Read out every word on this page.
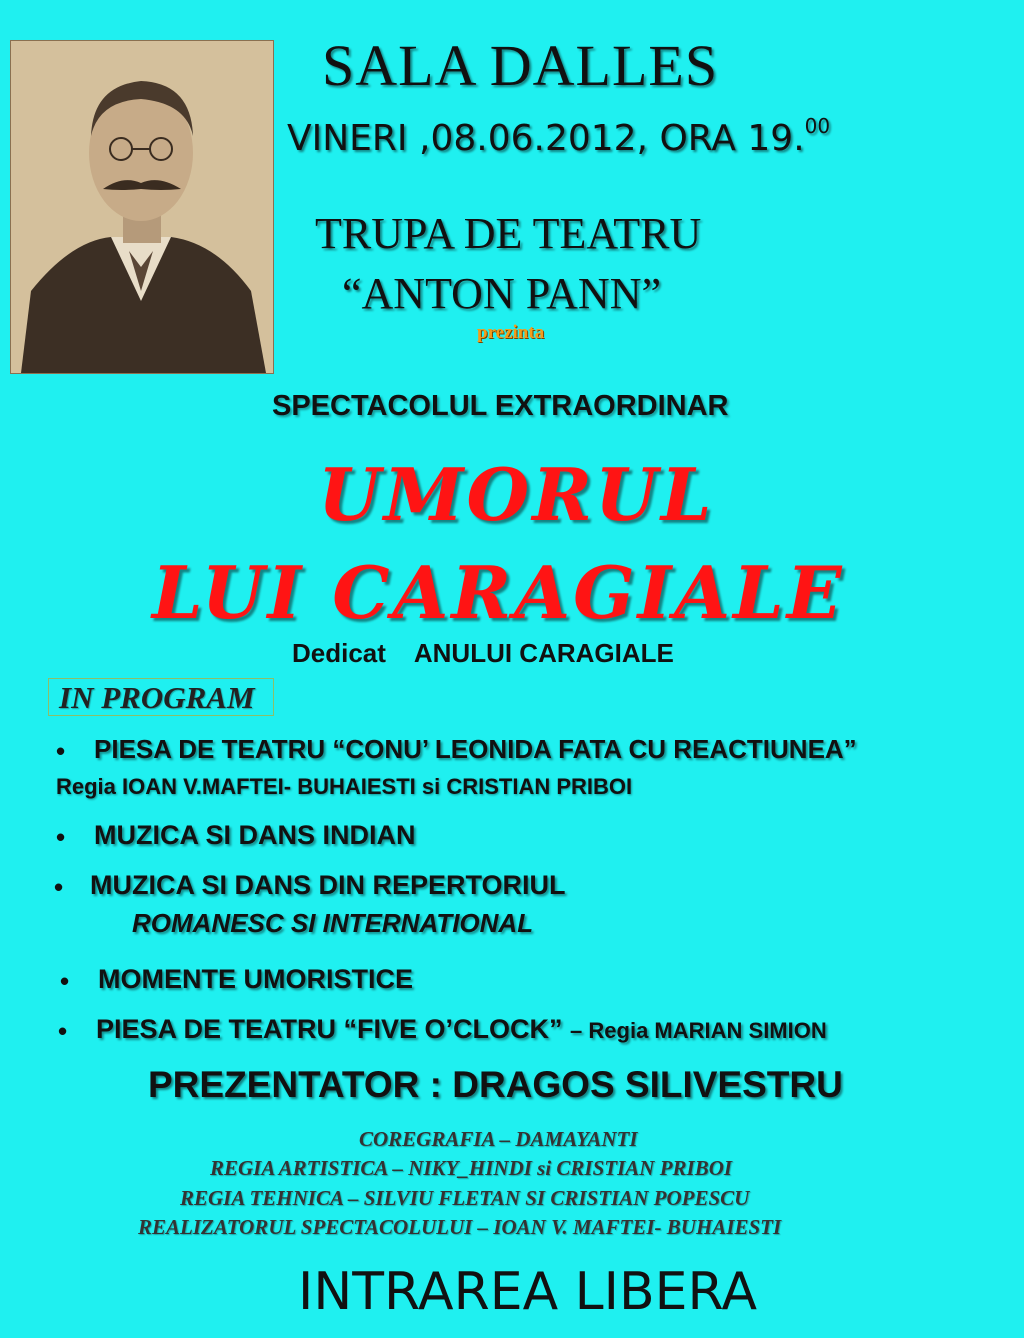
SALA DALLES
VINERI ,08.06.2012, ORA 19.00
TRUPA DE TEATRU
“ANTON PANN”
prezinta
SPECTACOLUL EXTRAORDINAR
UMORUL
LUI CARAGIALE
Dedicat ANULUI CARAGIALE
IN PROGRAM
• PIESA DE TEATRU “CONU’ LEONIDA FATA CU REACTIUNEA”
Regia IOAN V.MAFTEI- BUHAIESTI si CRISTIAN PRIBOI
• MUZICA SI DANS INDIAN
• MUZICA SI DANS DIN REPERTORIUL
ROMANESC SI INTERNATIONAL
• MOMENTE UMORISTICE
• PIESA DE TEATRU “FIVE O’CLOCK” – Regia MARIAN SIMION
PREZENTATOR : DRAGOS SILIVESTRU
COREGRAFIA – DAMAYANTI
REGIA ARTISTICA – NIKY_HINDI si CRISTIAN PRIBOI
REGIA TEHNICA – SILVIU FLETAN SI CRISTIAN POPESCU
REALIZATORUL SPECTACOLULUI – IOAN V. MAFTEI- BUHAIESTI
INTRAREA LIBERA
